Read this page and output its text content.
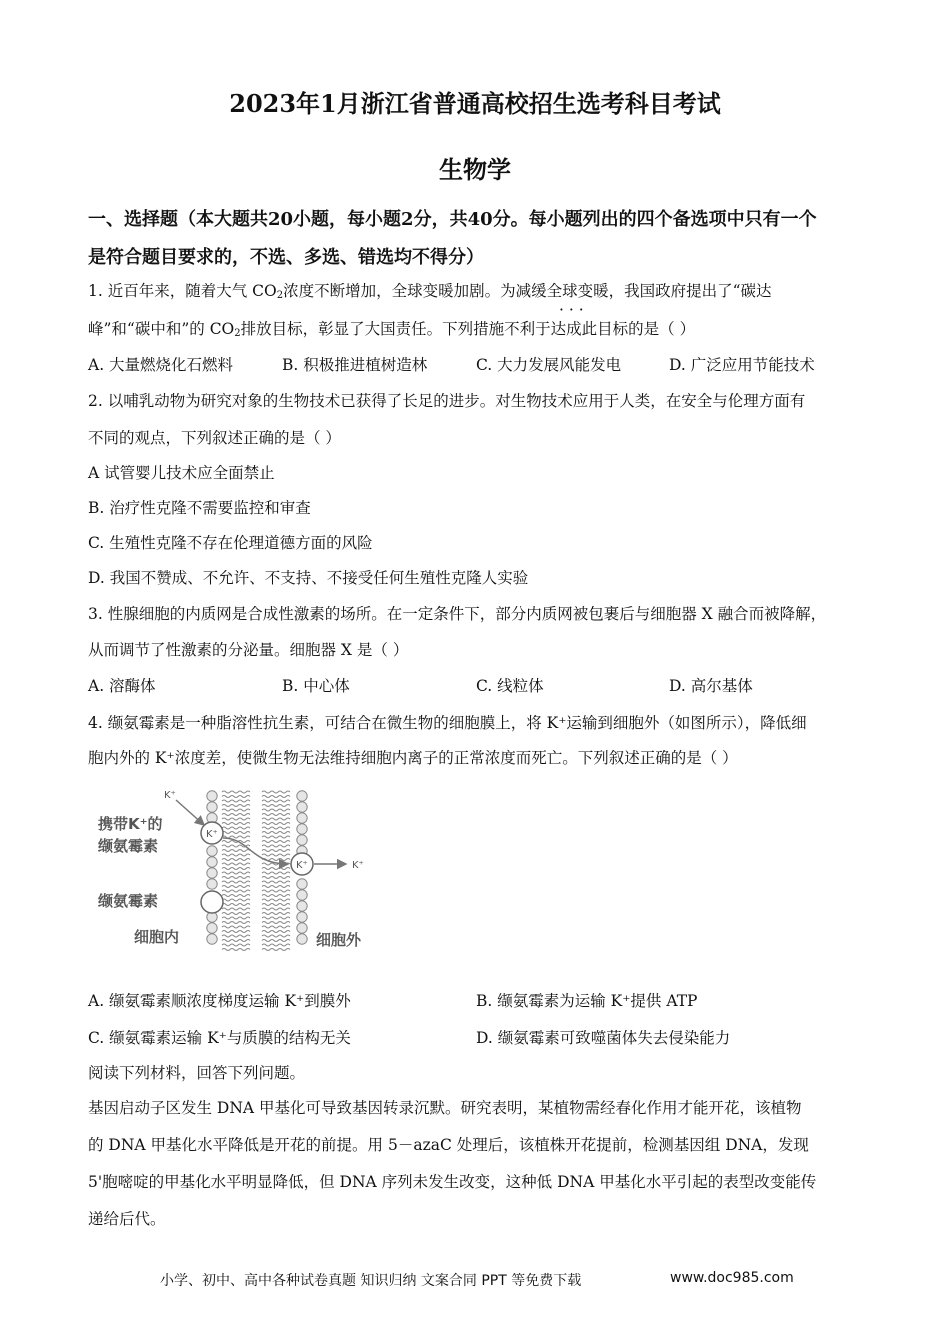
2023年1月浙江省普通高校招生选考科目考试
生物学
一、选择题（本大题共20小题，每小题2分，共40分。每小题列出的四个备选项中只有一个
是符合题目要求的，不选、多选、错选均不得分）
1. 近百年来，随着大气 $CO_2$浓度不断增加，全球变暖加剧。为减缓全球变暖，我国政府提出了“碳达
· · ·
峰”和“碳中和”的 $CO_2$排放目标，彰显了大国责任。下列措施不利于达成此目标的是（ ）
A. 大量燃烧化石燃料	B. 积极推进植树造林	C. 大力发展风能发电	D. 广泛应用节能技术
2. 以哺乳动物为研究对象的生物技术已获得了长足的进步。对生物技术应用于人类，在安全与伦理方面有
不同的观点，下列叙述正确的是（ ）
A 试管婴儿技术应全面禁止
B. 治疗性克隆不需要监控和审查
C. 生殖性克隆不存在伦理道德方面的风险
D. 我国不赞成、不允许、不支持、不接受任何生殖性克隆人实验
3. 性腺细胞的内质网是合成性激素的场所。在一定条件下，部分内质网被包裹后与细胞器 X 融合而被降解，
从而调节了性激素的分泌量。细胞器 X 是（ ）
A. 溶酶体	B. 中心体	C. 线粒体	D. 高尔基体
4. 缬氨霉素是一种脂溶性抗生素，可结合在微生物的细胞膜上，将 K⁺运输到细胞外（如图所示），降低细
胞内外的 K⁺浓度差，使微生物无法维持细胞内离子的正常浓度而死亡。下列叙述正确的是（ ）
K⁺
K⁺
K⁺
K⁺
携带K⁺的
缬氨霉素
缬氨霉素
细胞内	细胞外
A. 缬氨霉素顺浓度梯度运输 K⁺到膜外	B. 缬氨霉素为运输 K⁺提供 ATP
C. 缬氨霉素运输 K⁺与质膜的结构无关	D. 缬氨霉素可致噬菌体失去侵染能力
阅读下列材料，回答下列问题。
基因启动子区发生 DNA 甲基化可导致基因转录沉默。研究表明，某植物需经春化作用才能开花，该植物
的 DNA 甲基化水平降低是开花的前提。用 5－azaC 处理后，该植株开花提前，检测基因组 DNA，发现
5'胞嘧啶的甲基化水平明显降低，但 DNA 序列未发生改变，这种低 DNA 甲基化水平引起的表型改变能传
递给后代。
小学、初中、高中各种试卷真题 知识归纳 文案合同 PPT 等免费下载	www.doc985.com
